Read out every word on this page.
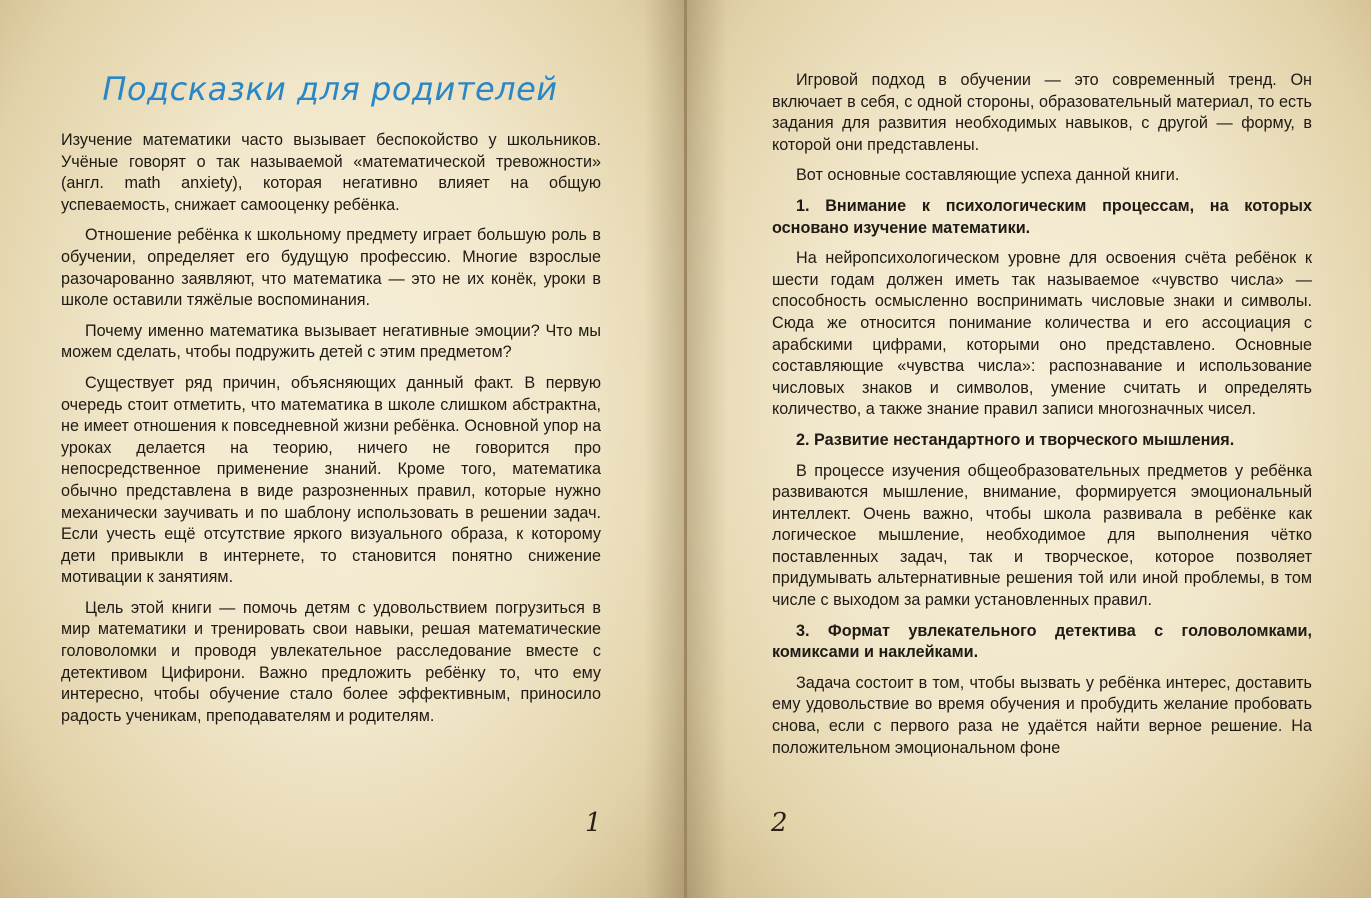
Подсказки для родителей

Изучение математики часто вызывает беспокойство у школьников. Учёные говорят о так называемой «математической тревожности» (англ. math anxiety), которая негативно влияет на общую успеваемость, снижает самооценку ребёнка.

Отношение ребёнка к школьному предмету играет большую роль в обучении, определяет его будущую профессию. Многие взрослые разочарованно заявляют, что математика — это не их конёк, уроки в школе оставили тяжёлые воспоминания.

Почему именно математика вызывает негативные эмоции? Что мы можем сделать, чтобы подружить детей с этим предметом?

Существует ряд причин, объясняющих данный факт. В первую очередь стоит отметить, что математика в школе слишком абстрактна, не имеет отношения к повседневной жизни ребёнка. Основной упор на уроках делается на теорию, ничего не говорится про непосредственное применение знаний. Кроме того, математика обычно представлена в виде разрозненных правил, которые нужно механически заучивать и по шаблону использовать в решении задач. Если учесть ещё отсутствие яркого визуального образа, к которому дети привыкли в интернете, то становится понятно снижение мотивации к занятиям.

Цель этой книги — помочь детям с удовольствием погрузиться в мир математики и тренировать свои навыки, решая математические головоломки и проводя увлекательное расследование вместе с детективом Цифирони. Важно предложить ребёнку то, что ему интересно, чтобы обучение стало более эффективным, приносило радость ученикам, преподавателям и родителям.

1

Игровой подход в обучении — это современный тренд. Он включает в себя, с одной стороны, образовательный материал, то есть задания для развития необходимых навыков, с другой — форму, в которой они представлены.

Вот основные составляющие успеха данной книги.

1. Внимание к психологическим процессам, на которых основано изучение математики.

На нейропсихологическом уровне для освоения счёта ребёнок к шести годам должен иметь так называемое «чувство числа» — способность осмысленно воспринимать числовые знаки и символы. Сюда же относится понимание количества и его ассоциация с арабскими цифрами, которыми оно представлено. Основные составляющие «чувства числа»: распознавание и использование числовых знаков и символов, умение считать и определять количество, а также знание правил записи многозначных чисел.

2. Развитие нестандартного и творческого мышления.

В процессе изучения общеобразовательных предметов у ребёнка развиваются мышление, внимание, формируется эмоциональный интеллект. Очень важно, чтобы школа развивала в ребёнке как логическое мышление, необходимое для выполнения чётко поставленных задач, так и творческое, которое позволяет придумывать альтернативные решения той или иной проблемы, в том числе с выходом за рамки установленных правил.

3. Формат увлекательного детектива с головоломками, комиксами и наклейками.

Задача состоит в том, чтобы вызвать у ребёнка интерес, доставить ему удовольствие во время обучения и пробудить желание пробовать снова, если с первого раза не удаётся найти верное решение. На положительном эмоциональном фоне

2
